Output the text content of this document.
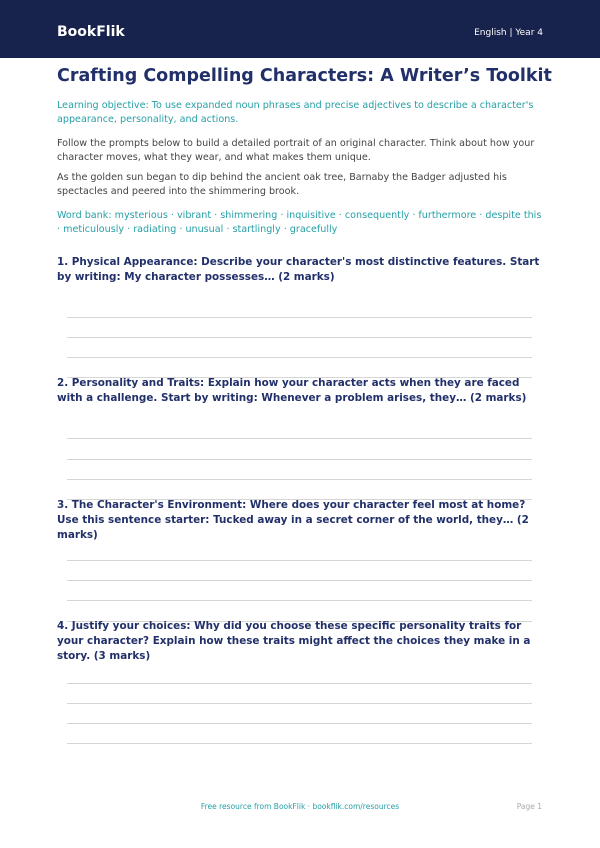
BookFlik	English | Year 4
Crafting Compelling Characters: A Writer’s Toolkit
Learning objective: To use expanded noun phrases and precise adjectives to describe a character's appearance, personality, and actions.
Follow the prompts below to build a detailed portrait of an original character. Think about how your character moves, what they wear, and what makes them unique.
As the golden sun began to dip behind the ancient oak tree, Barnaby the Badger adjusted his spectacles and peered into the shimmering brook.
Word bank: mysterious · vibrant · shimmering · inquisitive · consequently · furthermore · despite this · meticulously · radiating · unusual · startlingly · gracefully
1. Physical Appearance: Describe your character's most distinctive features. Start by writing: My character possesses… (2 marks)
2. Personality and Traits: Explain how your character acts when they are faced with a challenge. Start by writing: Whenever a problem arises, they… (2 marks)
3. The Character's Environment: Where does your character feel most at home? Use this sentence starter: Tucked away in a secret corner of the world, they… (2 marks)
4. Justify your choices: Why did you choose these specific personality traits for your character? Explain how these traits might affect the choices they make in a story. (3 marks)
Free resource from BookFlik · bookflik.com/resources	Page 1
